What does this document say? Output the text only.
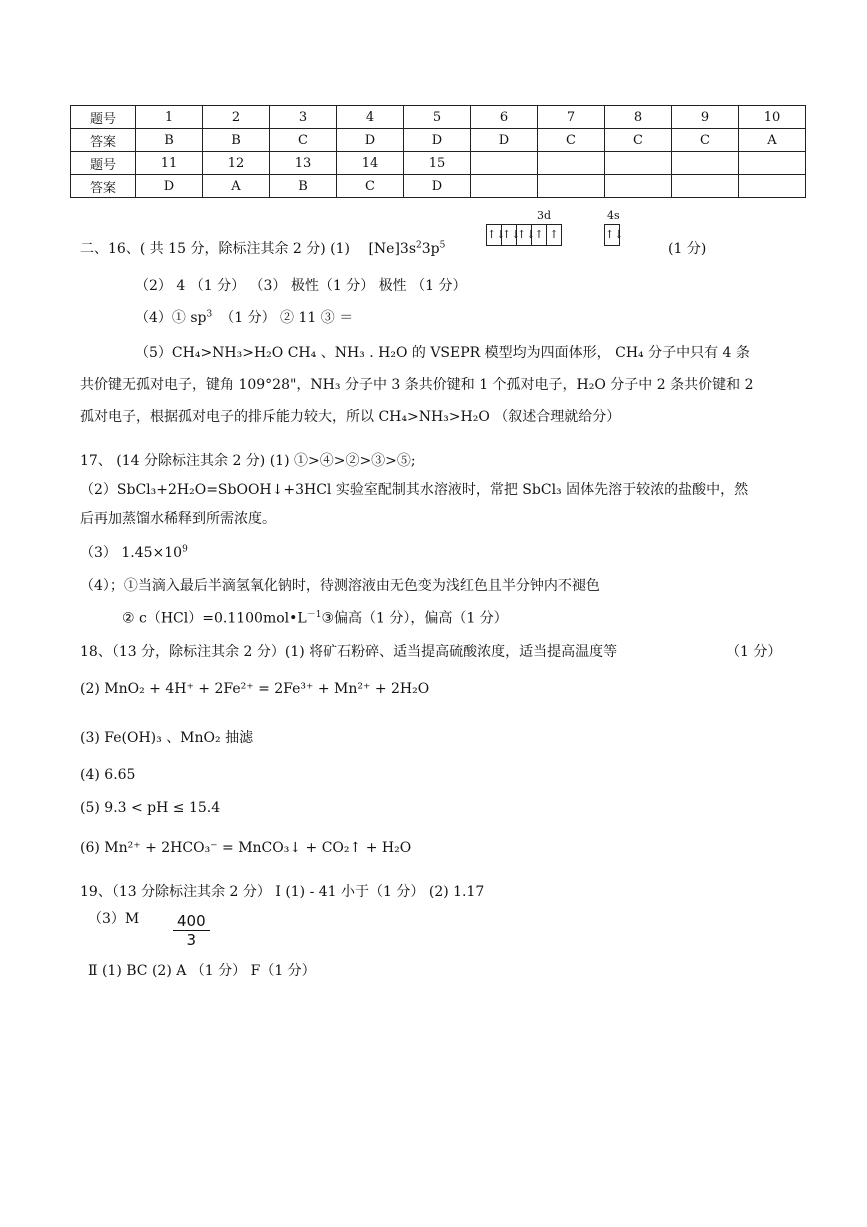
题号	1	2	3	4	5	6	7	8	9	10
答案	B	B	C	D	D	D	C	C	C	A
题号	11	12	13	14	15					
答案	D	A	B	C	D					
二、16、( 共 15 分，除标注其余 2 分) (1) $[Ne]3s^23p^5$
3d	4s
↑↓
↑↓
↑↓
↑ ↑	↑↓
(1 分)
（2） 4 （1 分） （3） 极性（1 分） 极性 （1 分）
（4）① $sp^3$ （1 分） ② 11 ③ ＝
（5）CH₄>NH₃>H₂O CH₄ 、NH₃ . H₂O 的 VSEPR 模型均为四面体形， CH₄ 分子中只有 4 条
共价键无孤对电子，键角 109°28"，NH₃ 分子中 3 条共价键和 1 个孤对电子，H₂O 分子中 2 条共价键和 2
孤对电子，根据孤对电子的排斥能力较大，所以 CH₄>NH₃>H₂O （叙述合理就给分）
17、 (14 分除标注其余 2 分) (1) ①>④>②>③>⑤;
（2）SbCl₃+2H₂O=SbOOH↓+3HCl 实验室配制其水溶液时，常把 SbCl₃ 固体先溶于较浓的盐酸中，然
后再加蒸馏水稀释到所需浓度。
（3） $1.45\times 10^9$
（4）；①当滴入最后半滴氢氧化钠时，待测溶液由无色变为浅红色且半分钟内不褪色
② $c(HCl)=0.1100mol•L^{-1}③$偏高（1 分），偏高（1 分）
18、（13 分，除标注其余 2 分）(1) 将矿石粉碎、适当提高硫酸浓度，适当提高温度等	（1 分）
(2) MnO₂ + 4H⁺ + 2Fe²⁺ = 2Fe³⁺ + Mn²⁺ + 2H₂O
(3) Fe(OH)₃ 、MnO₂ 抽滤
(4) 6.65
(5) 9.3 < pH ≤ 15.4
(6) Mn²⁺ + 2HCO₃⁻ = MnCO₃↓ + CO₂↑ + H₂O
19、（13 分除标注其余 2 分） Ⅰ (1) - 41 小于（1 分） (2) 1.17
$(3)M \frac{400}{3}$
Ⅱ (1) BC (2) A （1 分） F（1 分）
